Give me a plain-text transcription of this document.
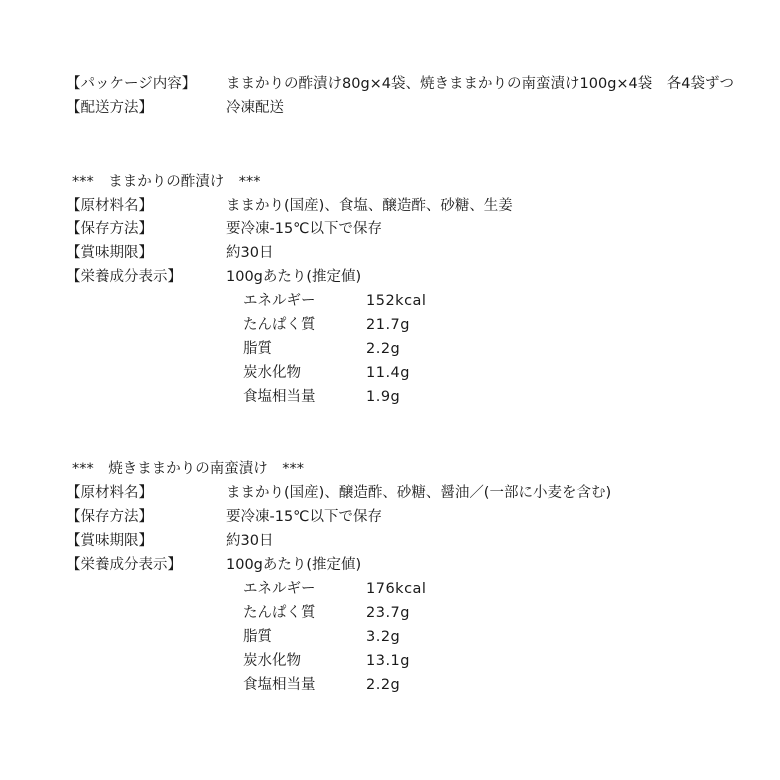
【パッケージ内容】 ままかりの酢漬け80g×4袋、焼きままかりの南蛮漬け100g×4袋　各4袋ずつ
【配送方法】	冷凍配送
***　ままかりの酢漬け　***
【原材料名】	ままかり(国産)、食塩、醸造酢、砂糖、生姜
【保存方法】	要冷凍-15℃以下で保存
【賞味期限】	約30日
【栄養成分表示】	100gあたり(推定値)
エネルギー	152kcal
たんぱく質	21.7g
脂質	2.2g
炭水化物	11.4g
食塩相当量	1.9g
***　焼きままかりの南蛮漬け　***
【原材料名】	ままかり(国産)、醸造酢、砂糖、醤油／(一部に小麦を含む)
【保存方法】	要冷凍-15℃以下で保存
【賞味期限】	約30日
【栄養成分表示】	100gあたり(推定値)
エネルギー	176kcal
たんぱく質	23.7g
脂質	3.2g
炭水化物	13.1g
食塩相当量	2.2g
